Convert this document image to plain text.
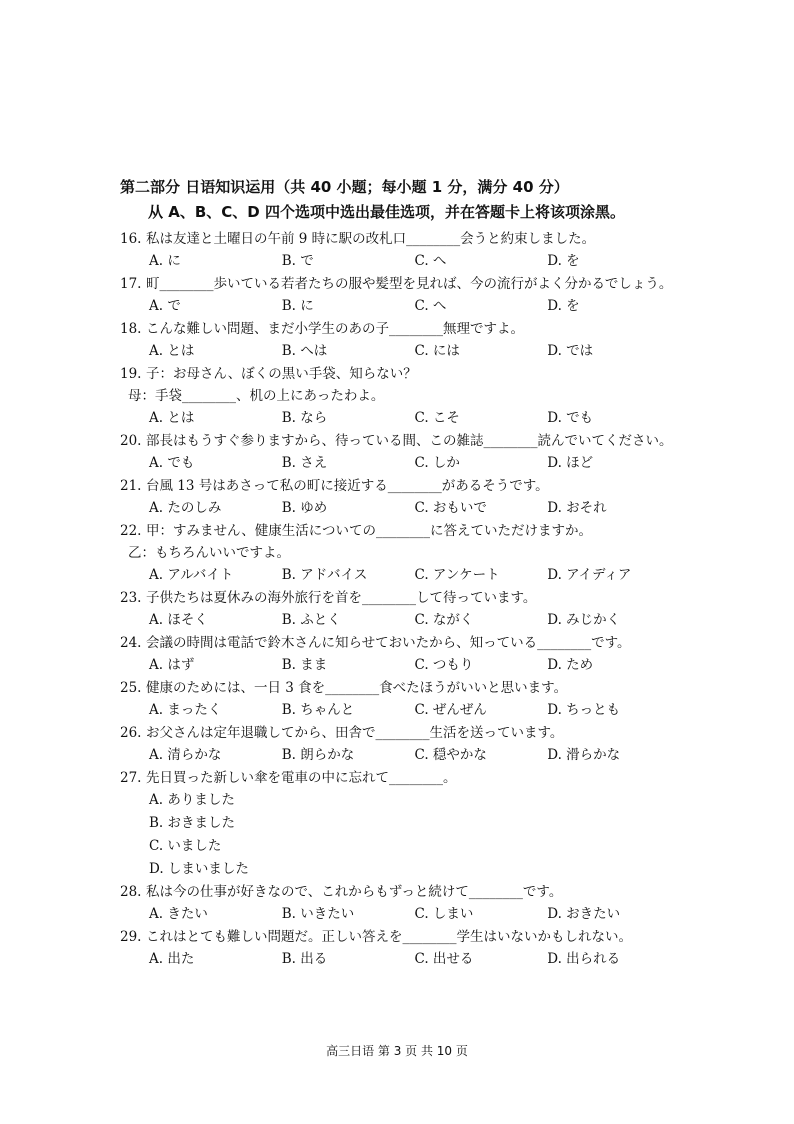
第二部分 日语知识运用（共 40 小题；每小题 1 分，满分 40 分）
从 A、B、C、D 四个选项中选出最佳选项，并在答题卡上将该项涂黑。
16. 私は友達と土曜日の午前 9 時に駅の改札口________会うと約束しました。
A. に	B. で	C. へ	D. を
17. 町________歩いている若者たちの服や髪型を見れば、今の流行がよく分かるでしょう。
A. で	B. に	C. へ	D. を
18. こんな難しい問題、まだ小学生のあの子________無理ですよ。
A. とは	B. へは	C. には	D. では
19. 子：お母さん、ぼくの黒い手袋、知らない？
母：手袋________、机の上にあったわよ。
A. とは	B. なら	C. こそ	D. でも
20. 部長はもうすぐ参りますから、待っている間、この雑誌________読んでいてください。
A. でも	B. さえ	C. しか	D. ほど
21. 台風 13 号はあさって私の町に接近する________があるそうです。
A. たのしみ	B. ゆめ	C. おもいで	D. おそれ
22. 甲：すみません、健康生活についての________に答えていただけますか。
乙：もちろんいいですよ。
A. アルバイト	B. アドバイス	C. アンケート	D. アイディア
23. 子供たちは夏休みの海外旅行を首を________して待っています。
A. ほそく	B. ふとく	C. ながく	D. みじかく
24. 会議の時間は電話で鈴木さんに知らせておいたから、知っている________です。
A. はず	B. まま	C. つもり	D. ため
25. 健康のためには、一日 3 食を________食べたほうがいいと思います。
A. まったく	B. ちゃんと	C. ぜんぜん	D. ちっとも
26. お父さんは定年退職してから、田舎で________生活を送っています。
A. 清らかな	B. 朗らかな	C. 穏やかな	D. 滑らかな
27. 先日買った新しい傘を電車の中に忘れて________。
A. ありました
B. おきました
C. いました
D. しまいました
28. 私は今の仕事が好きなので、これからもずっと続けて________です。
A. きたい	B. いきたい	C. しまい	D. おきたい
29. これはとても難しい問題だ。正しい答えを________学生はいないかもしれない。
A. 出た	B. 出る	C. 出せる	D. 出られる
高三日语 第 3 页 共 10 页
